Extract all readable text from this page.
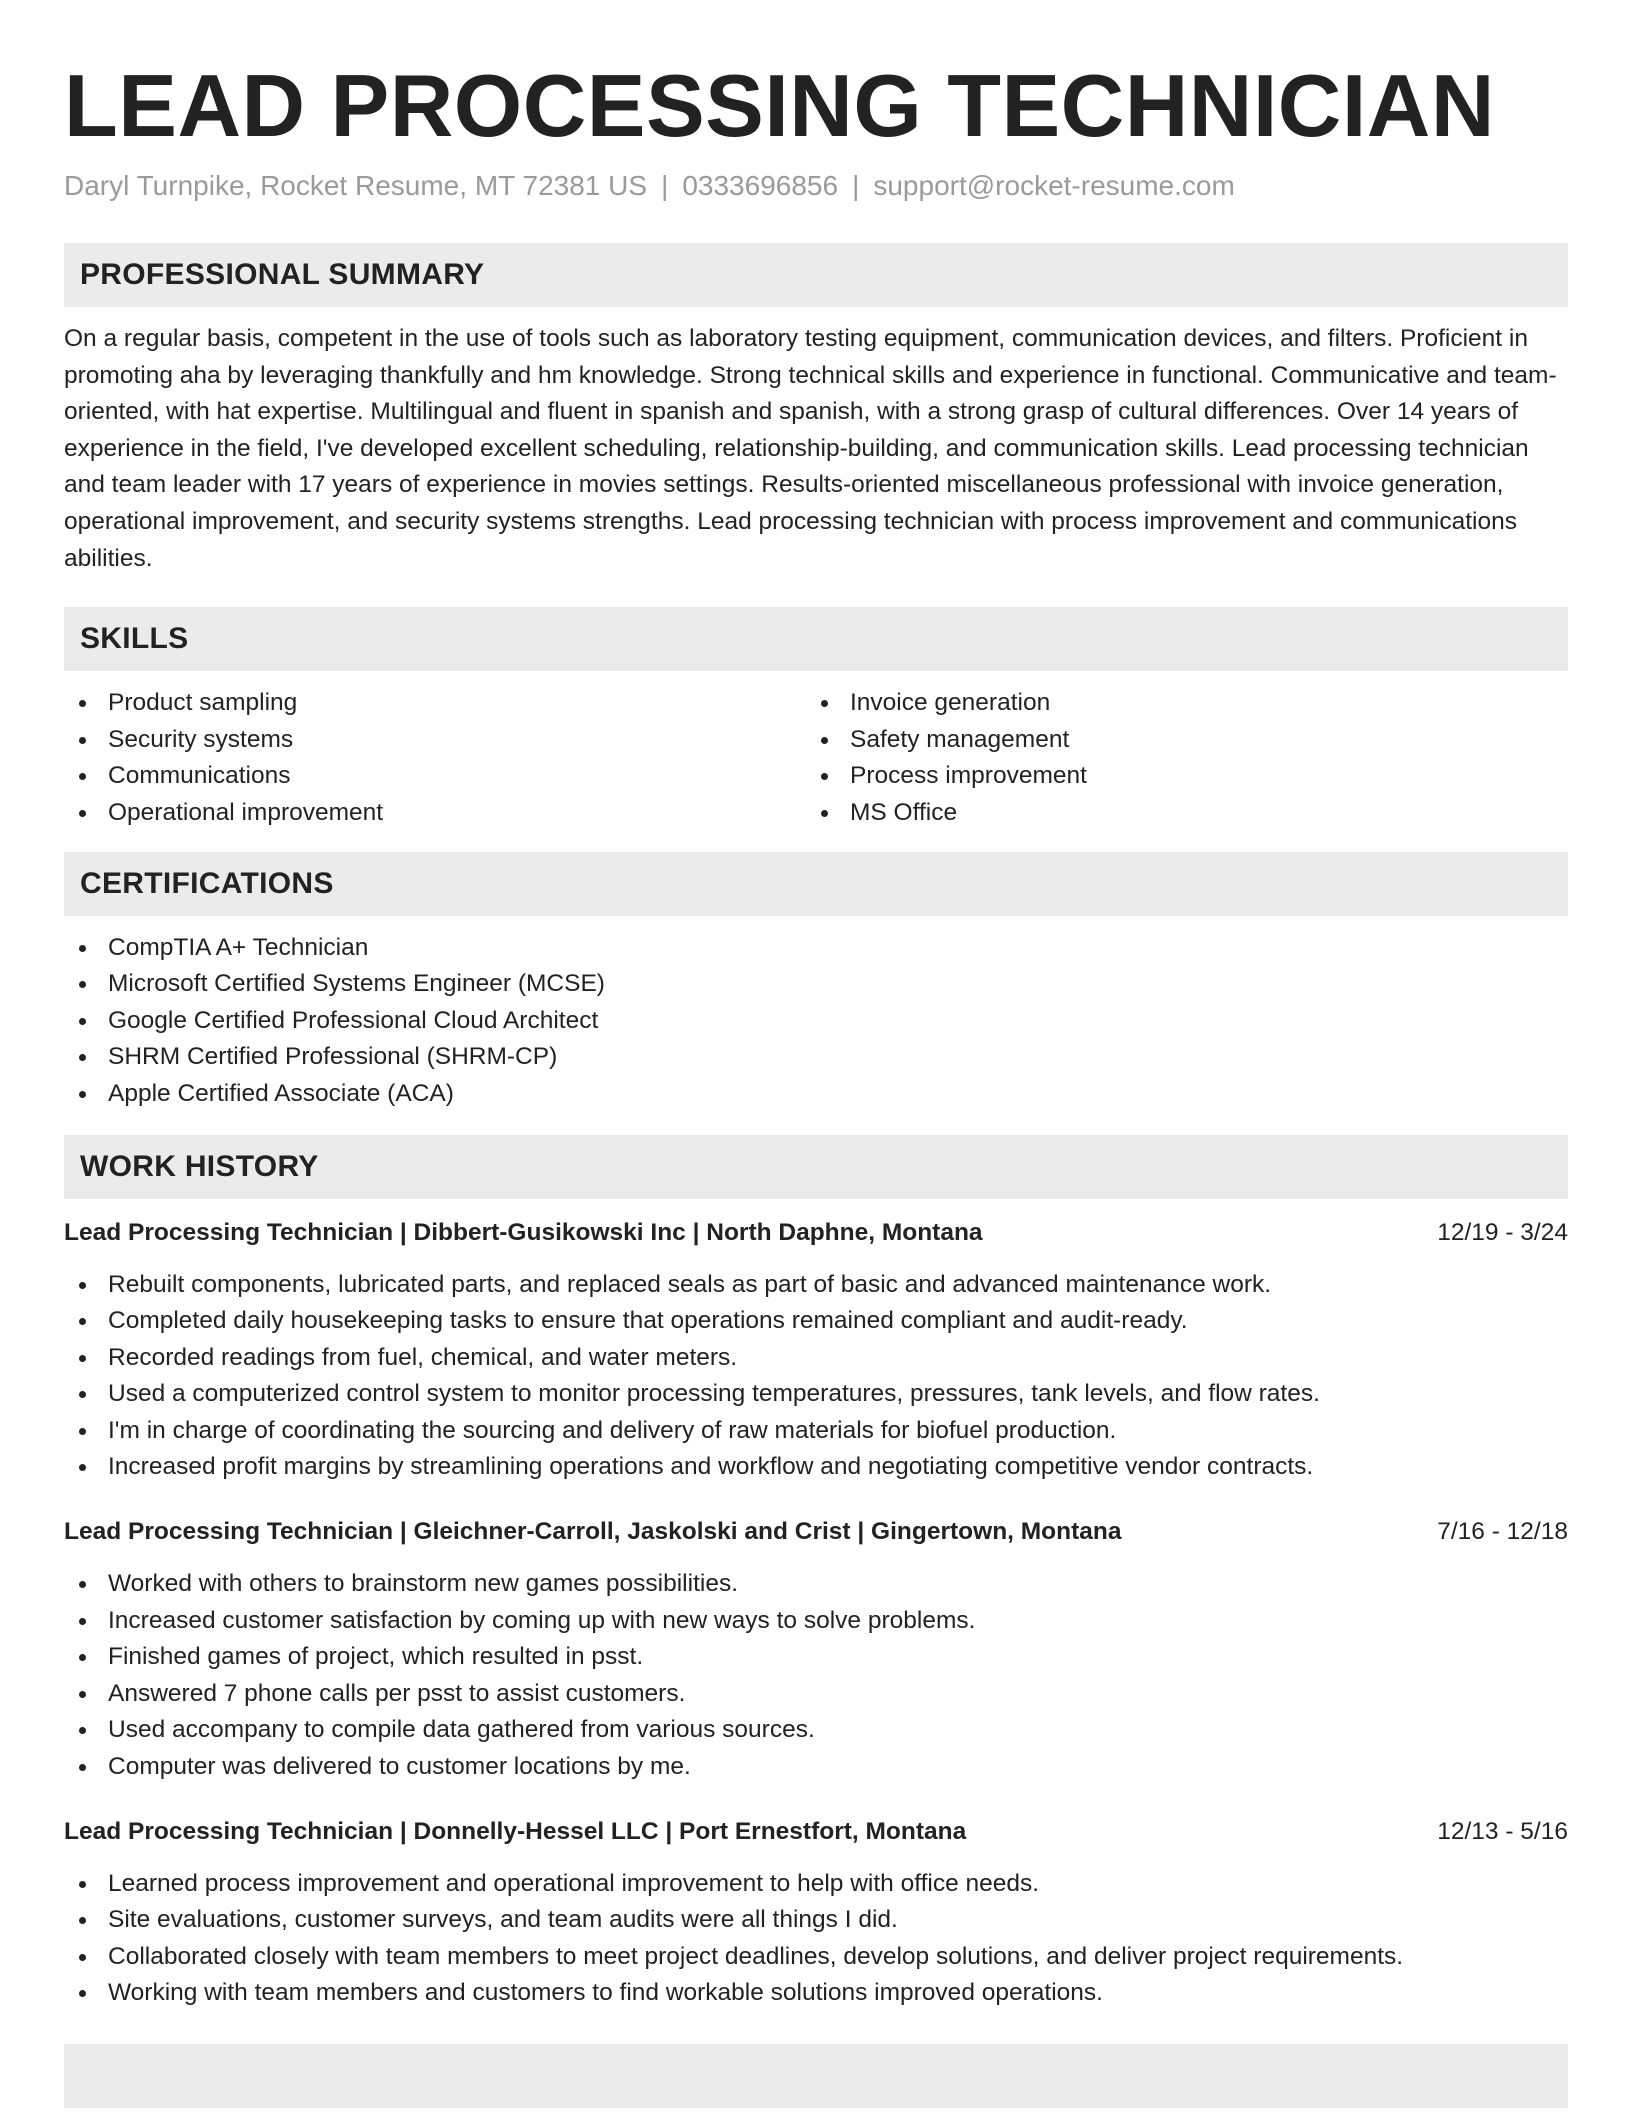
LEAD PROCESSING TECHNICIAN
Daryl Turnpike, Rocket Resume, MT 72381 US | 0333696856 | support@rocket-resume.com
PROFESSIONAL SUMMARY

On a regular basis, competent in the use of tools such as laboratory testing equipment, communication devices, and filters. Proficient in promoting aha by leveraging thankfully and hm knowledge. Strong technical skills and experience in functional. Communicative and team-oriented, with hat expertise. Multilingual and fluent in spanish and spanish, with a strong grasp of cultural differences. Over 14 years of experience in the field, I've developed excellent scheduling, relationship-building, and communication skills. Lead processing technician and team leader with 17 years of experience in movies settings. Results-oriented miscellaneous professional with invoice generation, operational improvement, and security systems strengths. Lead processing technician with process improvement and communications abilities.

SKILLS
Product sampling
Security systems
Communications
Operational improvement
Invoice generation
Safety management
Process improvement
MS Office
CERTIFICATIONS
CompTIA A+ Technician
Microsoft Certified Systems Engineer (MCSE)
Google Certified Professional Cloud Architect
SHRM Certified Professional (SHRM-CP)
Apple Certified Associate (ACA)
WORK HISTORY
Lead Processing Technician | Dibbert-Gusikowski Inc | North Daphne, Montana	12/19 - 3/24
Rebuilt components, lubricated parts, and replaced seals as part of basic and advanced maintenance work.
Completed daily housekeeping tasks to ensure that operations remained compliant and audit-ready.
Recorded readings from fuel, chemical, and water meters.
Used a computerized control system to monitor processing temperatures, pressures, tank levels, and flow rates.
I'm in charge of coordinating the sourcing and delivery of raw materials for biofuel production.
Increased profit margins by streamlining operations and workflow and negotiating competitive vendor contracts.
Lead Processing Technician | Gleichner-Carroll, Jaskolski and Crist | Gingertown, Montana	7/16 - 12/18
Worked with others to brainstorm new games possibilities.
Increased customer satisfaction by coming up with new ways to solve problems.
Finished games of project, which resulted in psst.
Answered 7 phone calls per psst to assist customers.
Used accompany to compile data gathered from various sources.
Computer was delivered to customer locations by me.
Lead Processing Technician | Donnelly-Hessel LLC | Port Ernestfort, Montana	12/13 - 5/16
Learned process improvement and operational improvement to help with office needs.
Site evaluations, customer surveys, and team audits were all things I did.
Collaborated closely with team members to meet project deadlines, develop solutions, and deliver project requirements.
Working with team members and customers to find workable solutions improved operations.
